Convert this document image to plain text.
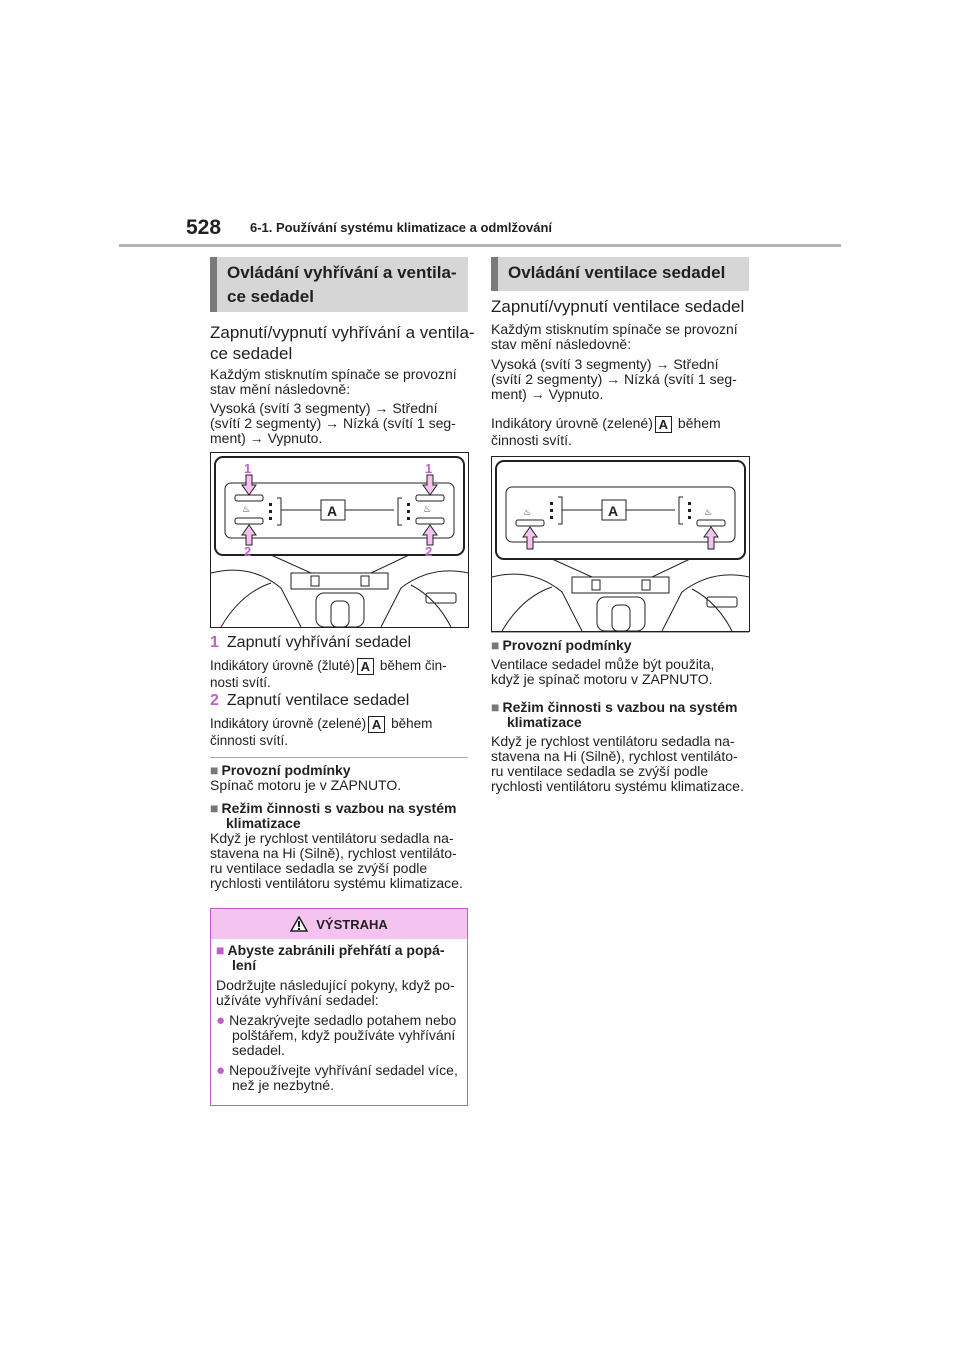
528 6-1. Používání systému klimatizace a odmlžování
Ovládání vyhřívání a ventila-
ce sedadel
Zapnutí/vypnutí vyhřívání a ventila-
ce sedadel
Každým stisknutím spínače se provozní
stav mění následovně:
Vysoká (svítí 3 segmenty) → Střední
(svítí 2 segmenty) → Nízká (svítí 1 seg-
ment) → Vypnuto.
♨	A	♨
1	1
2	2
1 Zapnutí vyhřívání sedadel
Indikátory úrovně (žluté) A během čin-
nosti svítí.
2 Zapnutí ventilace sedadel
Indikátory úrovně (zelené) A během
činnosti svítí.
■ Provozní podmínky
Spínač motoru je v ZAPNUTO.
■ Režim činnosti s vazbou na systém
klimatizace
Když je rychlost ventilátoru sedadla na-
stavena na Hi (Silně), rychlost ventiláto-
ru ventilace sedadla se zvýší podle
rychlosti ventilátoru systému klimatizace.
VÝSTRAHA
■ Abyste zabránili přehřátí a popá-
lení
Dodržujte následující pokyny, když po-
užíváte vyhřívání sedadel:
● Nezakrývejte sedadlo potahem nebo
polštářem, když používáte vyhřívání
sedadel.
● Nepoužívejte vyhřívání sedadel více,
než je nezbytné.
Ovládání ventilace sedadel
Zapnutí/vypnutí ventilace sedadel
Každým stisknutím spínače se provozní
stav mění následovně:
Vysoká (svítí 3 segmenty) → Střední
(svítí 2 segmenty) → Nízká (svítí 1 seg-
ment) → Vypnuto.
Indikátory úrovně (zelené) A během
činnosti svítí.
♨	A	♨
■ Provozní podmínky
Ventilace sedadel může být použita,
když je spínač motoru v ZAPNUTO.
■ Režim činnosti s vazbou na systém
klimatizace
Když je rychlost ventilátoru sedadla na-
stavena na Hi (Silně), rychlost ventiláto-
ru ventilace sedadla se zvýší podle
rychlosti ventilátoru systému klimatizace.
